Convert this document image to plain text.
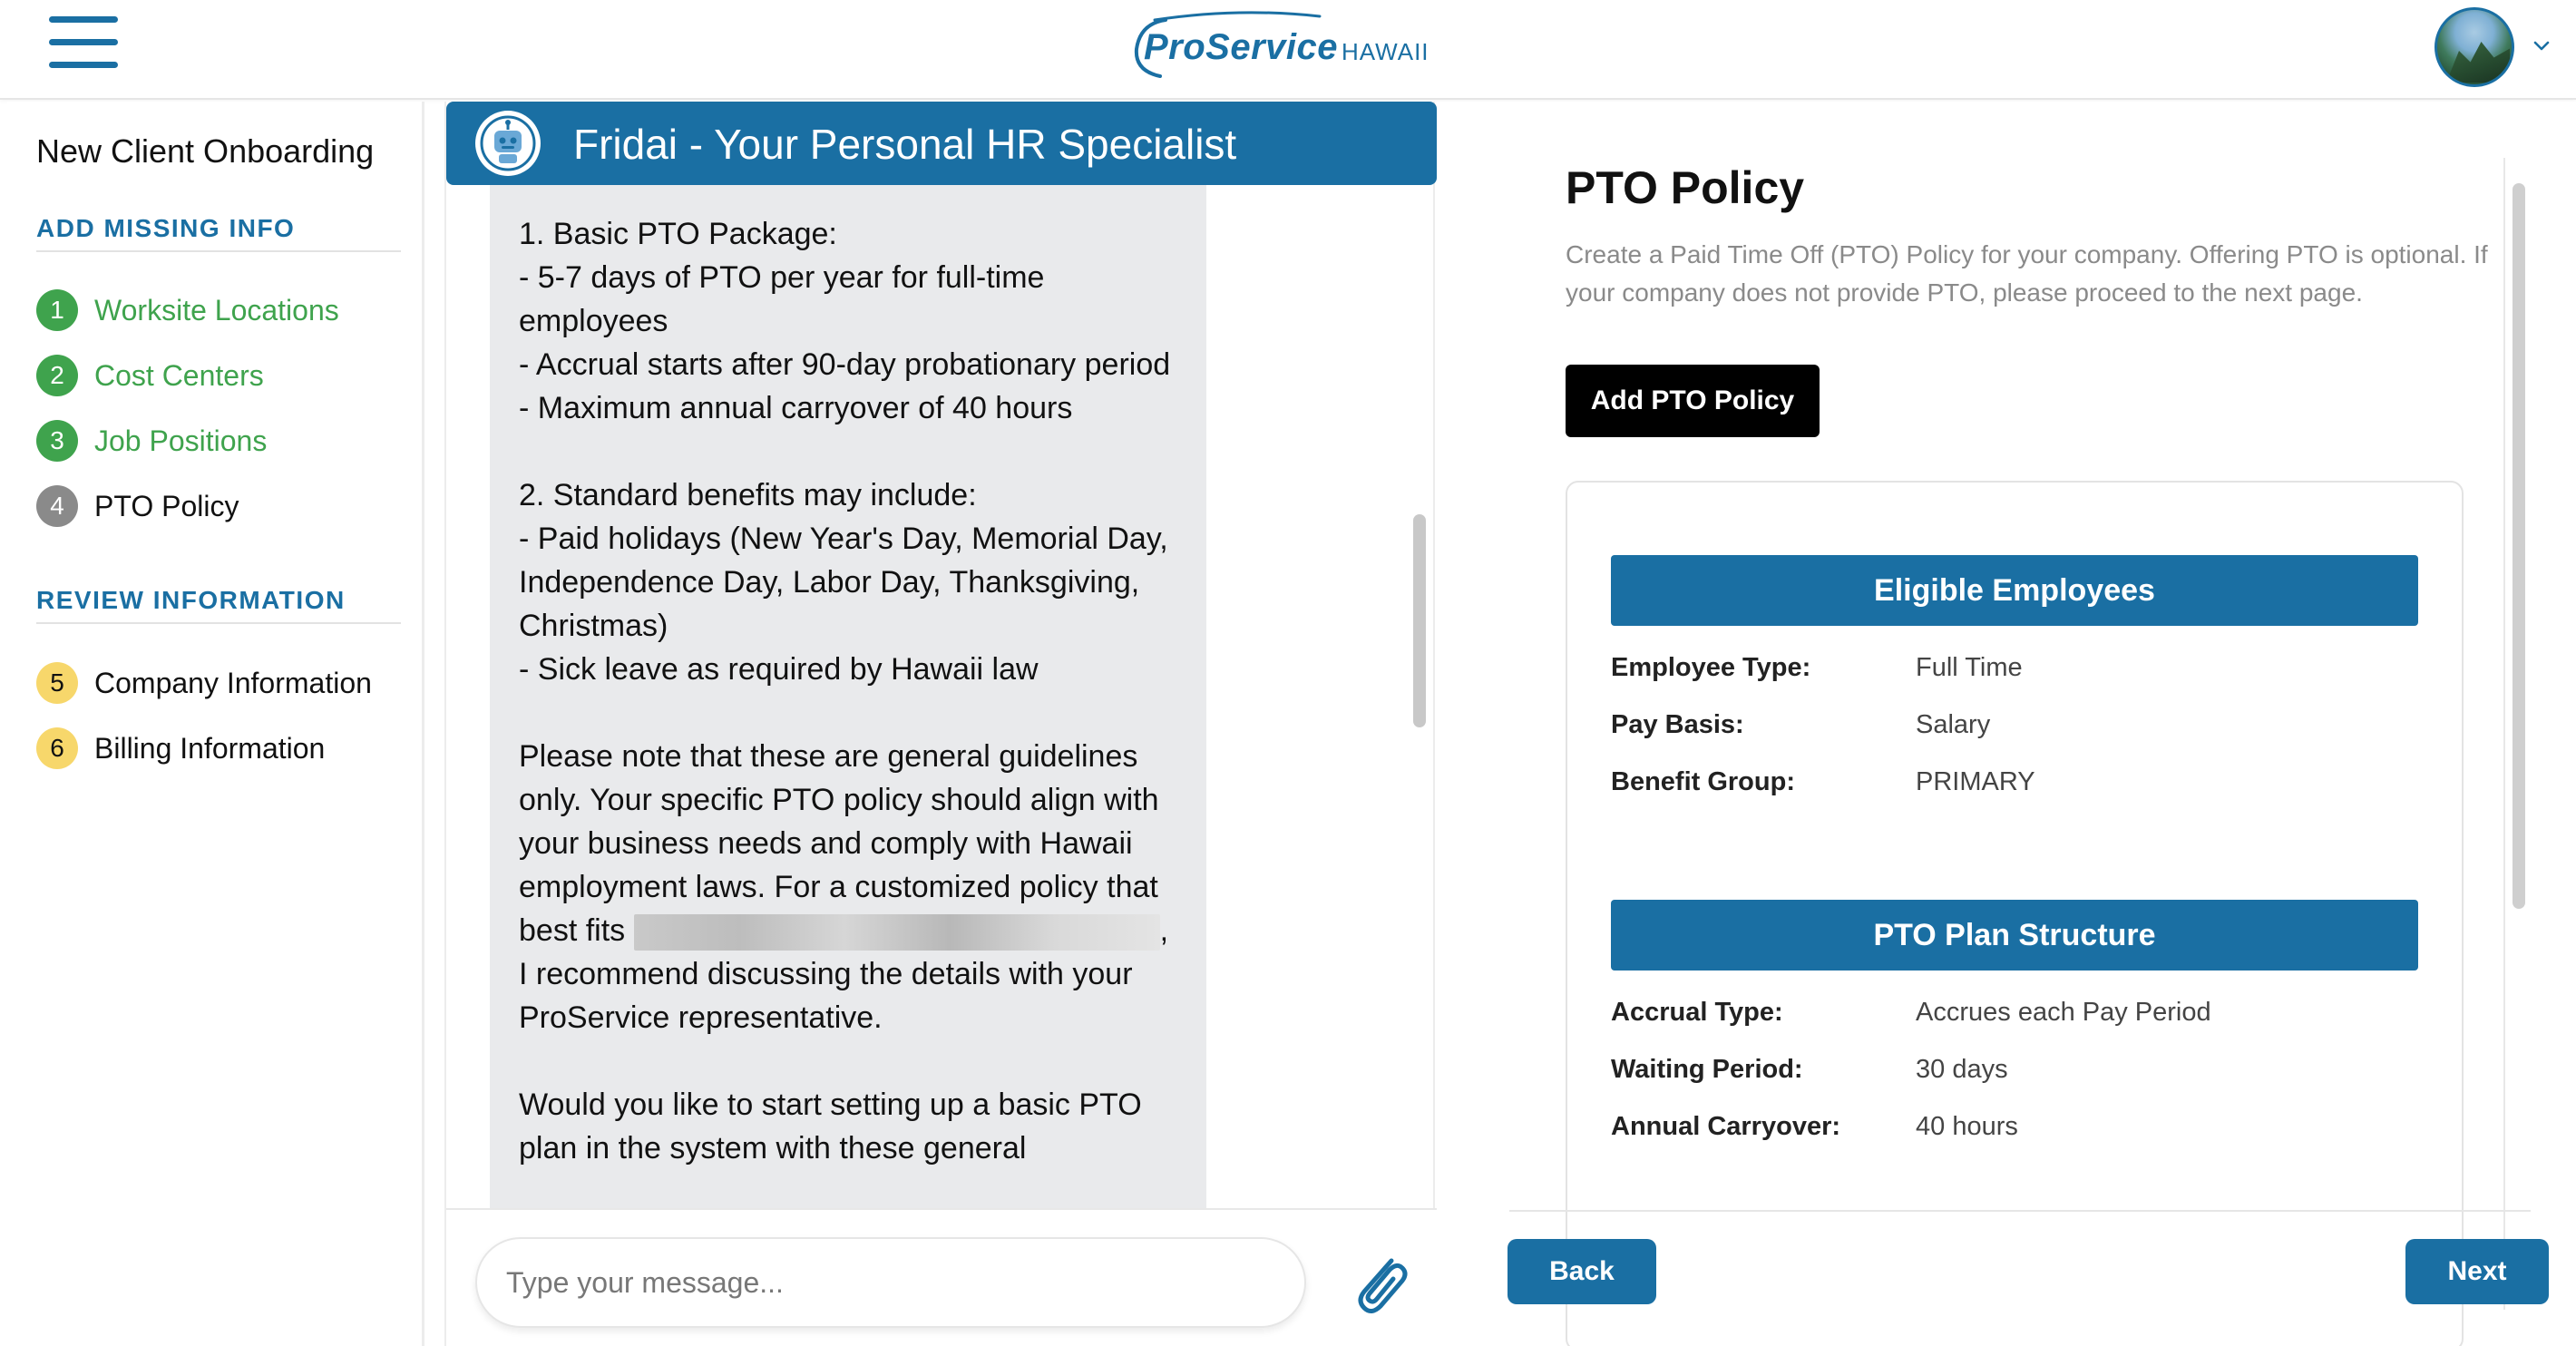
ProService HAWAII
New Client Onboarding
ADD MISSING INFO
1	Worksite Locations
2	Cost Centers
3	Job Positions
4	PTO Policy
REVIEW INFORMATION
5	Company Information
6	Billing Information
Fridai - Your Personal HR Specialist

1. Basic PTO Package:

- 5-7 days of PTO per year for full-time employees

- Accrual starts after 90-day probationary period

- Maximum annual carryover of 40 hours

2. Standard benefits may include:

- Paid holidays (New Year's Day, Memorial Day, Independence Day, Labor Day, Thanksgiving, Christmas)

- Sick leave as required by Hawaii law

Please note that these are general guidelines only. Your specific PTO policy should align with your business needs and comply with Hawaii employment laws. For a customized policy that best fits	, I recommend discussing the details with your ProService representative.

Would you like to start setting up a basic PTO plan in the system with these general

Type your message...
PTO Policy
Create a Paid Time Off (PTO) Policy for your company. Offering PTO is optional. If your company does not provide PTO, please proceed to the next page.
Add PTO Policy
Eligible Employees
Employee Type:	Full Time
Pay Basis:	Salary
Benefit Group:	PRIMARY
PTO Plan Structure
Accrual Type:	Accrues each Pay Period
Waiting Period:	30 days
Annual Carryover:	40 hours
Back	Next
